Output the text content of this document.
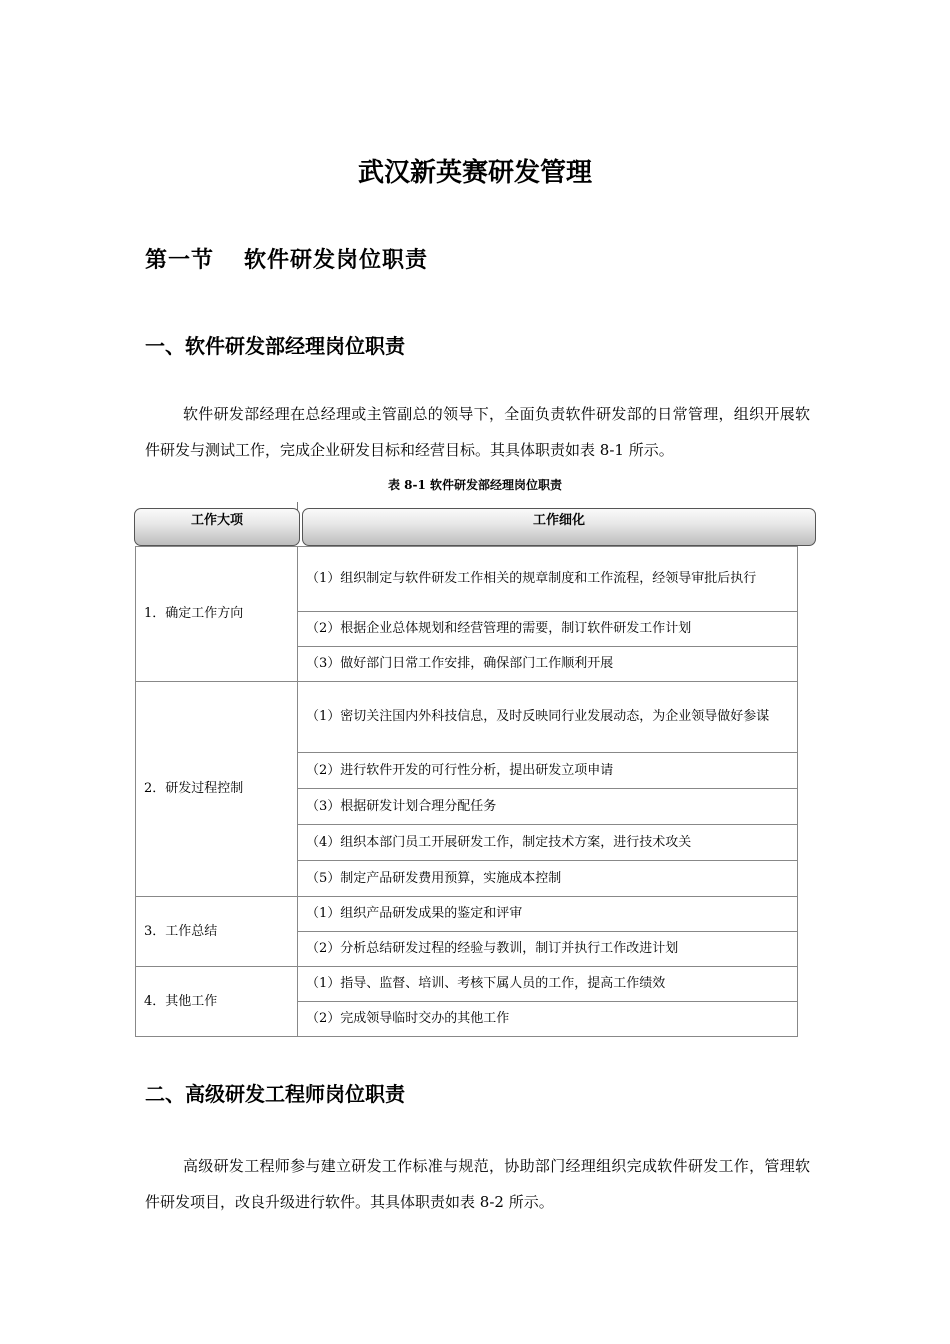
武汉新英赛研发管理
第一节 软件研发岗位职责
一、软件研发部经理岗位职责
软件研发部经理在总经理或主管副总的领导下，全面负责软件研发部的日常管理，组织开展软件研发与测试工作，完成企业研发目标和经营目标。其具体职责如表 8-1 所示。
表 8-1 软件研发部经理岗位职责
工作大项	工作细化
1．确定工作方向	（1）组织制定与软件研发工作相关的规章制度和工作流程，经领导审批后执行
	（2）根据企业总体规划和经营管理的需要，制订软件研发工作计划
	（3）做好部门日常工作安排，确保部门工作顺利开展
2．研发过程控制	（1）密切关注国内外科技信息，及时反映同行业发展动态，为企业领导做好参谋
	（2）进行软件开发的可行性分析，提出研发立项申请
	（3）根据研发计划合理分配任务
	（4）组织本部门员工开展研发工作，制定技术方案，进行技术攻关
	（5）制定产品研发费用预算，实施成本控制
3．工作总结	（1）组织产品研发成果的鉴定和评审
	（2）分析总结研发过程的经验与教训，制订并执行工作改进计划
4．其他工作	（1）指导、监督、培训、考核下属人员的工作，提高工作绩效
	（2）完成领导临时交办的其他工作
二、高级研发工程师岗位职责
高级研发工程师参与建立研发工作标准与规范，协助部门经理组织完成软件研发工作，管理软件研发项目，改良升级进行软件。其具体职责如表 8-2 所示。
